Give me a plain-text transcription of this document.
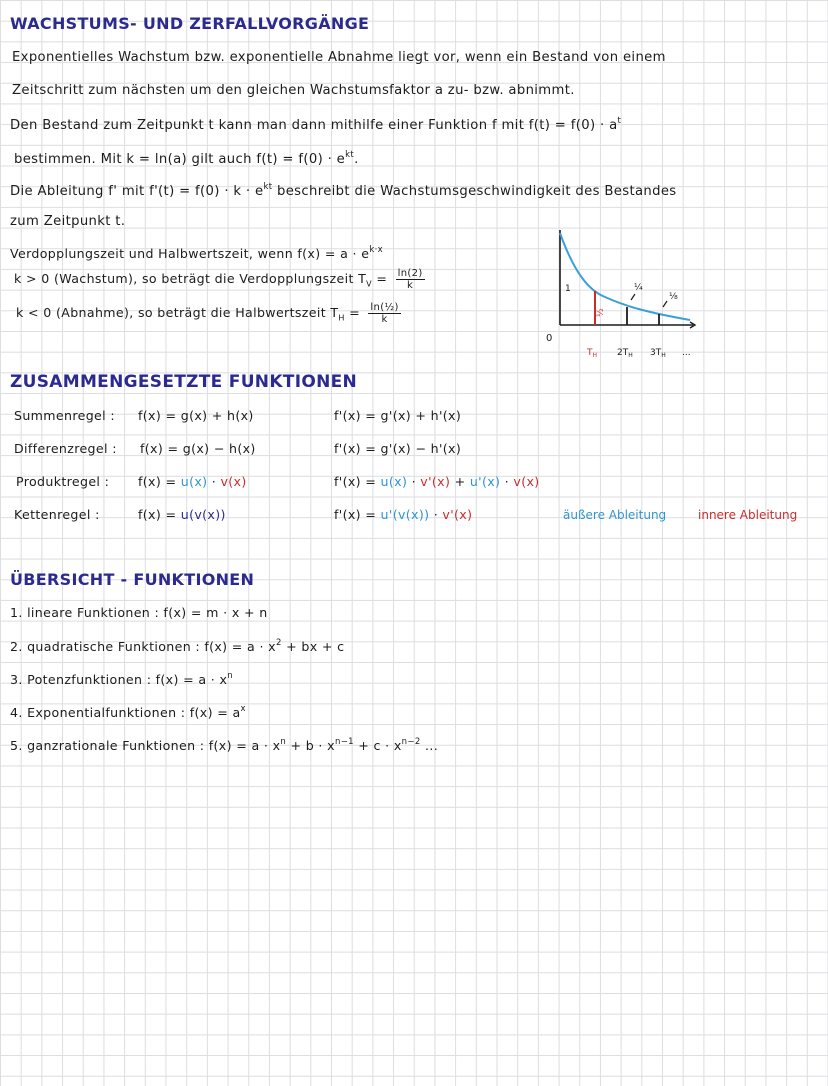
WACHSTUMS- UND ZERFALLVORGÄNGE
Exponentielles Wachstum bzw. exponentielle Abnahme liegt vor, wenn ein Bestand von einem
Zeitschritt zum nächsten um den gleichen Wachstumsfaktor a zu- bzw. abnimmt.
Den Bestand zum Zeitpunkt t kann man dann mithilfe einer Funktion f mit $f(t) = f(0) \cdot a^t$
bestimmen. Mit k = ln(a) gilt auch $f(t) = f(0) \cdot e^{kt}$.
Die Ableitung f' mit $f'(t) = f(0) \cdot k \cdot e^{kt}$ beschreibt die Wachstumsgeschwindigkeit des Bestandes
zum Zeitpunkt t.
Verdopplungszeit und Halbwertszeit, wenn $f(x) = a \cdot e^{k\cdot x}$
k > 0 (Wachstum), so beträgt die Verdopplungszeit $T_V = \frac{\ln(2)}{k}$
k < 0 (Abnahme), so beträgt die Halbwertszeit $T_H = \frac{\text{ln(½)}}{k}$
1
0
½
¼
⅛
$T_H$ $2T_H$ $3T_H$ ...
ZUSAMMENGESETZTE FUNKTIONEN
Summenregel : f(x) = g(x) + h(x)	f'(x) = g'(x) + h'(x)
Differenzregel : f(x) = g(x) − h(x)	f'(x) = g'(x) − h'(x)
Produktregel : f(x) = u(x) · v(x)	f'(x) = u(x) · v'(x) + u'(x) · v(x)
Kettenregel :	f(x) = u(v(x))	f'(x) = u'(v(x)) · v'(x)	äußere Ableitung	innere Ableitung
ÜBERSICHT - FUNKTIONEN
1. lineare Funktionen : f(x) = m · x + n
2. quadratische Funktionen : $f(x) = a \cdot x^2$ + bx + c
3. Potenzfunktionen : $f(x) = a \cdot x^n$
4. Exponentialfunktionen : $f(x) = a^x$
5. ganzrationale Funktionen : $f(x) = a \cdot x^n + b \cdot x^{n-1} + c \cdot x^{n-2}$ ...
